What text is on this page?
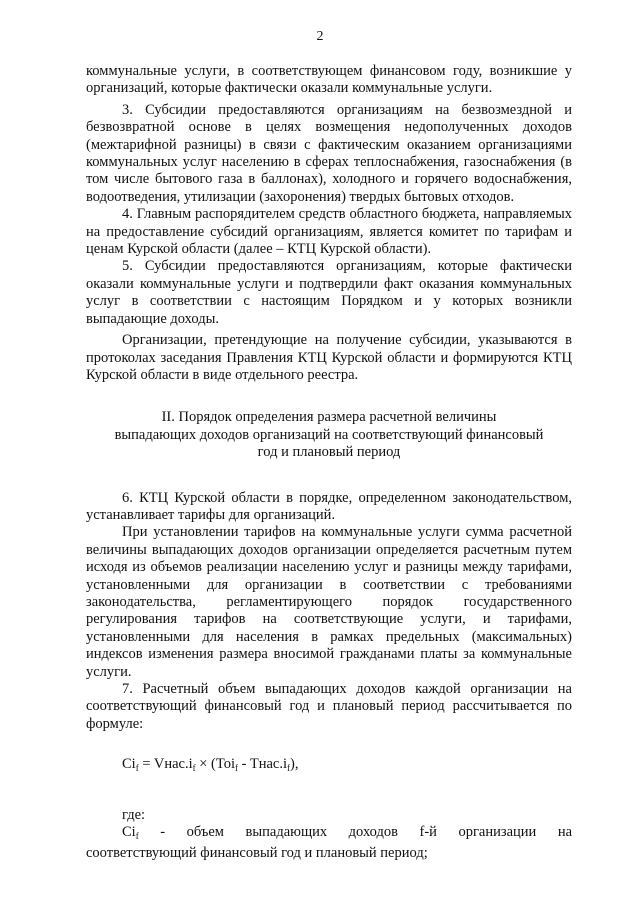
2

коммунальные услуги, в соответствующем финансовом году, возникшие у организаций, которые фактически оказали коммунальные услуги.

3. Субсидии предоставляются организациям на безвозмездной и безвозвратной основе в целях возмещения недополученных доходов (межтарифной разницы) в связи с фактическим оказанием организациями коммунальных услуг населению в сферах теплоснабжения, газоснабжения (в том числе бытового газа в баллонах), холодного и горячего водоснабжения, водоотведения, утилизации (захоронения) твердых бытовых отходов.

4. Главным распорядителем средств областного бюджета, направляемых на предоставление субсидий организациям, является комитет по тарифам и ценам Курской области (далее – КТЦ Курской области).

5. Субсидии предоставляются организациям, которые фактически оказали коммунальные услуги и подтвердили факт оказания коммунальных услуг в соответствии с настоящим Порядком и у которых возникли выпадающие доходы.

Организации, претендующие на получение субсидии, указываются в протоколах заседания Правления КТЦ Курской области и формируются КТЦ Курской области в виде отдельного реестра.

II. Порядок определения размера расчетной величины
выпадающих доходов организаций на соответствующий финансовый
год и плановый период

6. КТЦ Курской области в порядке, определенном законодательством, устанавливает тарифы для организаций.

При установлении тарифов на коммунальные услуги сумма расчетной величины выпадающих доходов организации определяется расчетным путем исходя из объемов реализации населению услуг и разницы между тарифами, установленными для организации в соответствии с требованиями законодательства, регламентирующего порядок государственного регулирования тарифов на соответствующие услуги, и тарифами, установленными для населения в рамках предельных (максимальных) индексов изменения размера вносимой гражданами платы за коммунальные услуги.

7. Расчетный объем выпадающих доходов каждой организации на соответствующий финансовый год и плановый период рассчитывается по формуле:

$Ci_f$ = $Vнас.i_f \times (Toi_f$ - $Tнас.i_f$),
где:
$Ci_f$ - объем выпадающих доходов f-й организации на
соответствующий финансовый год и плановый период;
